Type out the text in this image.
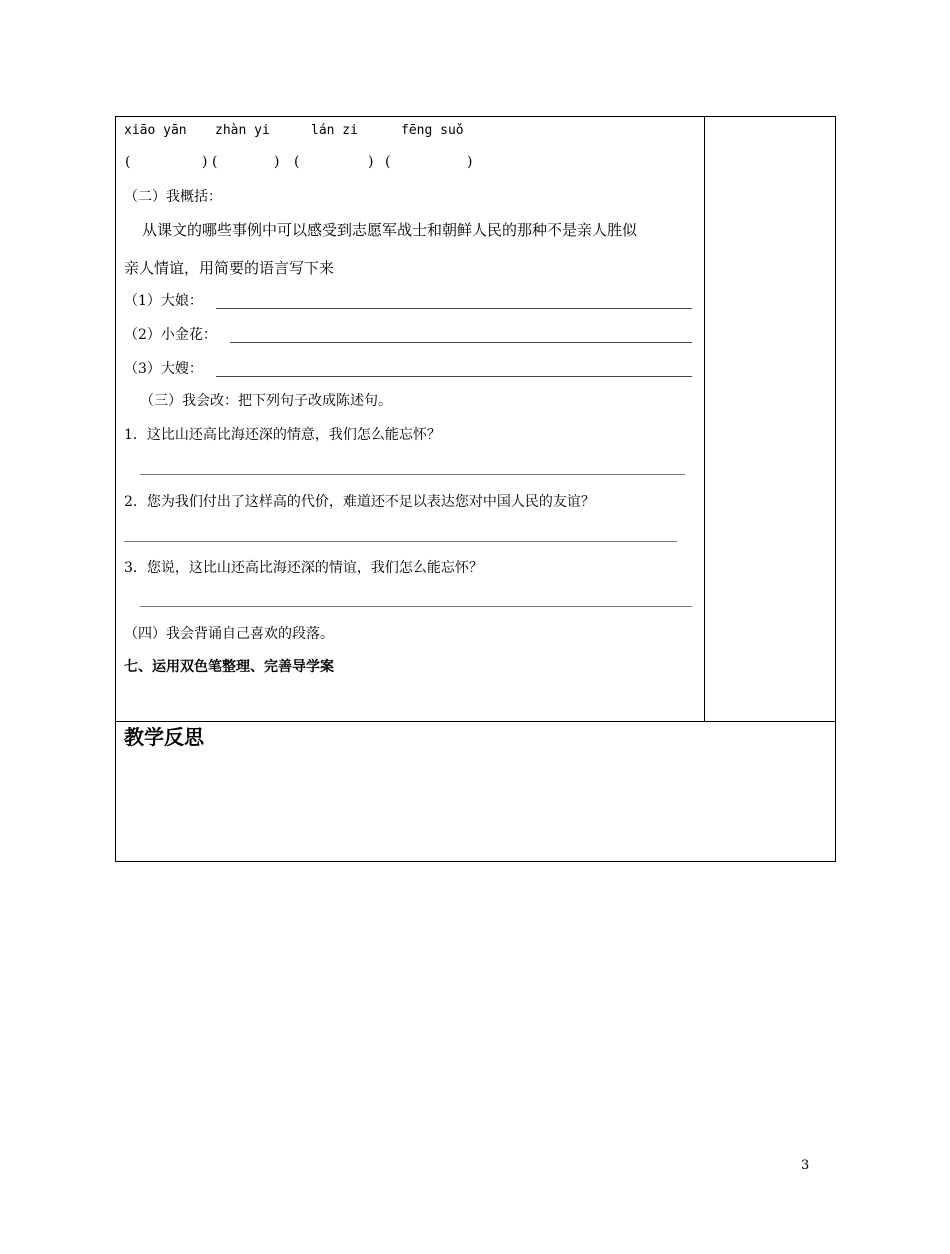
xiāo yān zhàn yi	lán zi	fēng suǒ
(	) (	) (	) (	)
（二）我概括：
从课文的哪些事例中可以感受到志愿军战士和朝鲜人民的那种不是亲人胜似
亲人情谊，用简要的语言写下来
（1）大娘：
（2）小金花：
（3）大嫂：
（三）我会改：把下列句子改成陈述句。
1．这比山还高比海还深的情意，我们怎么能忘怀？
2．您为我们付出了这样高的代价，难道还不足以表达您对中国人民的友谊？
3．您说，这比山还高比海还深的情谊，我们怎么能忘怀？
（四）我会背诵自己喜欢的段落。
七、运用双色笔整理、完善导学案
教学反思
3
